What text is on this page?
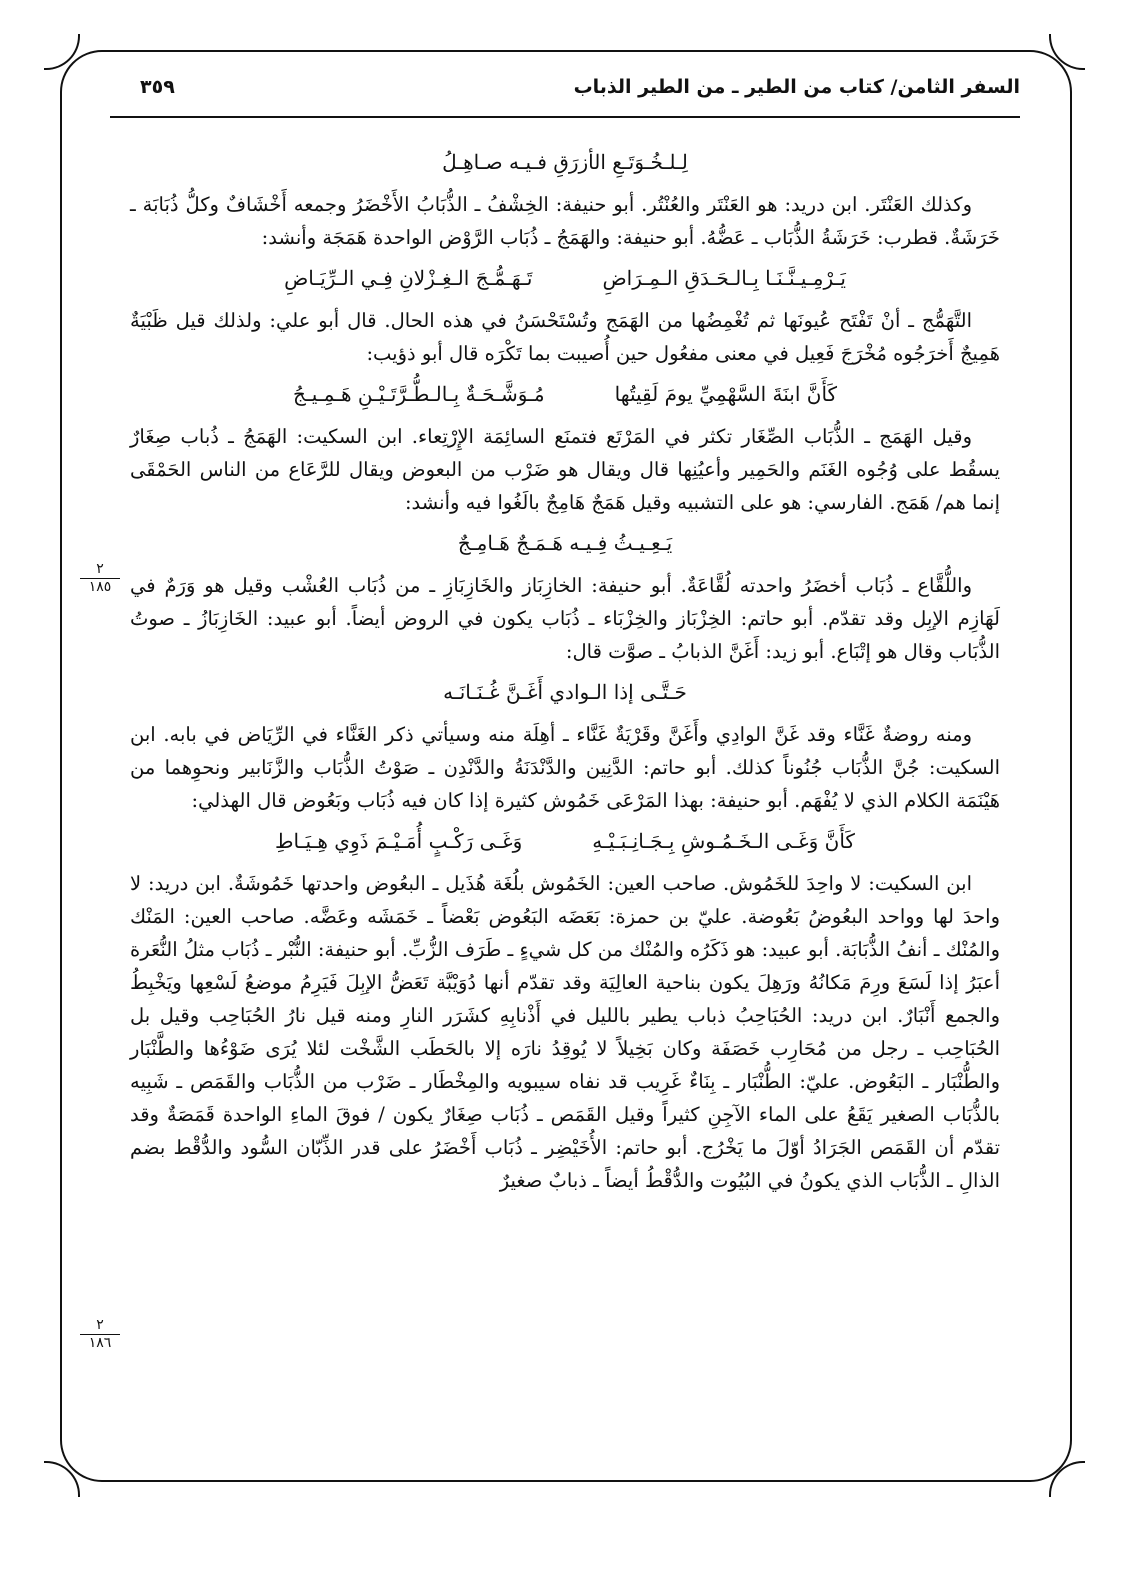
السفر الثامن/ كتاب من الطير ـ من الطير الذباب
٣٥٩
٢
١٨٥
٢
١٨٦
لِـلـخُـوَتَـعِ الأزرَقِ فـيـه صـاهِـلُ

وكذلك العَنْتَر. ابن دريد: هو العَنْتَر والعُنْتُر. أبو حنيفة: الخِشْفُ ـ الذُّبَابُ الأَخْضَرُ وجمعه أَخْشَافٌ وكلُّ ذُبَابَة ـ خَرَشَةٌ. قطرب: خَرَشَةُ الذُّبَاب ـ عَضُّهُ. أبو حنيفة: والهَمَجُ ـ ذُبَاب الرَّوْض الواحدة هَمَجَة وأنشد:

يَـرْمِـيـنَّـنَـا بِـالـحَـدَقِ الـمِـرَاضِ
تَـهَـمُّـجَ الـغِـزْلانِ فِـي الـرِّيَـاضِ

التَّهَمُّج ـ أنْ تَفْتَح عُيونَها ثم تُغْمِضُها من الهَمَج وتُسْتَحْسَنُ في هذه الحال. قال أبو علي: ولذلك قيل ظَبْيَةٌ هَمِيجٌ أَخرَجُوه مُخْرَجَ فَعِيل في معنى مفعُول حين أُصيبت بما تَكْرَه قال أبو ذؤيب:

كَأَنَّ ابنَةَ السَّهْمِيِّ يومَ لَقِيتُها
مُـوَشَّـحَـةٌ بِـالـطُّـرَّتَـيْـنِ هَـمِـيـجُ

وقيل الهَمَج ـ الذُّبَاب الصِّغَار تكثر في المَرْتَع فتمنَع السائِمَة الإِرْتِعاء. ابن السكيت: الهَمَجُ ـ ذُباب صِغَارٌ يسقُط على وُجُوه الغَنَم والحَمِير وأعيُنِها قال ويقال هو ضَرْب من البعوض ويقال للرَّعَاع من الناس الحَمْقَى إنما هم/ هَمَج. الفارسي: هو على التشبيه وقيل هَمَجٌ هَامِجٌ بالَغُوا فيه وأنشد:

يَـعِـيـثُ فِـيـه هَـمَـجٌ هَـامِـجٌ

واللُّقَّاع ـ ذُبَاب أخضَرُ واحدته لُقَّاعَةٌ. أبو حنيفة: الخازِبَاز والخَازِبَازِ ـ من ذُبَاب العُشْب وقيل هو وَرَمٌ في لَهَازِم الإبِل وقد تقدّم. أبو حاتم: الخِزْبَاز والخِزْبَاء ـ ذُبَاب يكون في الروض أيضاً. أبو عبيد: الخَازِبَازُ ـ صوتُ الذُّبَاب وقال هو إتْبَاع. أبو زيد: أَغَنَّ الذبابُ ـ صوَّت قال:

حَـتَّـى إذا الـوادي أَغَـنَّ غُـنَـانَـه

ومنه روضةٌ غَنَّاء وقد غَنَّ الوادِي وأَغَنَّ وقَرْيَةٌ غَنَّاء ـ أهِلَة منه وسيأتي ذكر الغَنَّاء في الرِّيَاض في بابه. ابن السكيت: جُنَّ الذُّبَاب جُنُوناً كذلك. أبو حاتم: الدَّنِين والدَّنْدَنَةُ والدَّنْدِن ـ صَوْتُ الذُّبَاب والزَّنَابير ونحوِهما من هَيْنَمَة الكلام الذي لا يُفْهَم. أبو حنيفة: بهذا المَرْعَى خَمُوش كثيرة إذا كان فيه ذُبَاب وبَعُوض قال الهذلي:

كَأَنَّ وَغَـى الـخَـمُـوشِ بِـجَـانِـبَـيْـهِ
وَغَـى رَكْـبٍ أُمَـيْـمَ ذَوِي هِـيَـاطِ

ابن السكيت: لا واحِدَ للخَمُوش. صاحب العين: الخَمُوش بلُغَة هُذَيل ـ البعُوض واحدتها خَمُوشَةٌ. ابن دريد: لا واحدَ لها وواحد البعُوضُ بَعُوضة. عليّ بن حمزة: بَعَضَه البَعُوض بَعْضاً ـ خَمَشَه وعَضَّه. صاحب العين: المَنْك والمُنْك ـ أنفُ الذُّبَابَة. أبو عبيد: هو ذَكَرُه والمُنْك من كل شيءٍ ـ طَرَف الزُّبِّ. أبو حنيفة: النُّبْر ـ ذُبَاب مثلُ النُّعَرة أعبَرُ إذا لَسَعَ ورِمَ مَكانُهُ ورَهِلَ يكون بناحية العالِيَة وقد تقدّم أنها دُوَيْبَّة تَعَضُّ الإبِلَ فَيَرِمُ موضعُ لَسْعِها ويَخْبِطُ والجمع أَنْبَارٌ. ابن دريد: الحُبَاحِبُ ذباب يطير بالليل في أَذْنابِهِ كشَرَر النارِ ومنه قيل نارُ الحُبَاحِب وقيل بل الحُبَاحِب ـ رجل من مُحَارِب خَصَفَة وكان بَخِيلاً لا يُوقِدُ نارَه إلا بالحَطَب الشَّخْت لئلا يُرَى ضَوْءُها والطَّنْبَار والطُّنْبَار ـ البَعُوض. عليّ: الطُّنْبَار ـ بِنَاءٌ غَرِيب قد نفاه سيبويه والمِخْطَار ـ ضَرْب من الذُّبَاب والقَمَص ـ شَبِيه بالذُّبَاب الصغير يَقَعُ على الماء الآجِنِ كثيراً وقيل القَمَص ـ ذُبَاب صِغَارٌ يكون / فوقَ الماءِ الواحدة قَمَصَةٌ وقد تقدّم أن القَمَص الجَرَادُ أوّلَ ما يَخْرُج. أبو حاتم: الأُخَيْضِر ـ ذُبَاب أَخْضَرُ على قدر الذِّبّان السُّود والدُّقْط بضم الذالِ ـ الذُّبَاب الذي يكونُ في البُيُوت والدُّقْطُ أيضاً ـ ذبابٌ صغيرٌ
